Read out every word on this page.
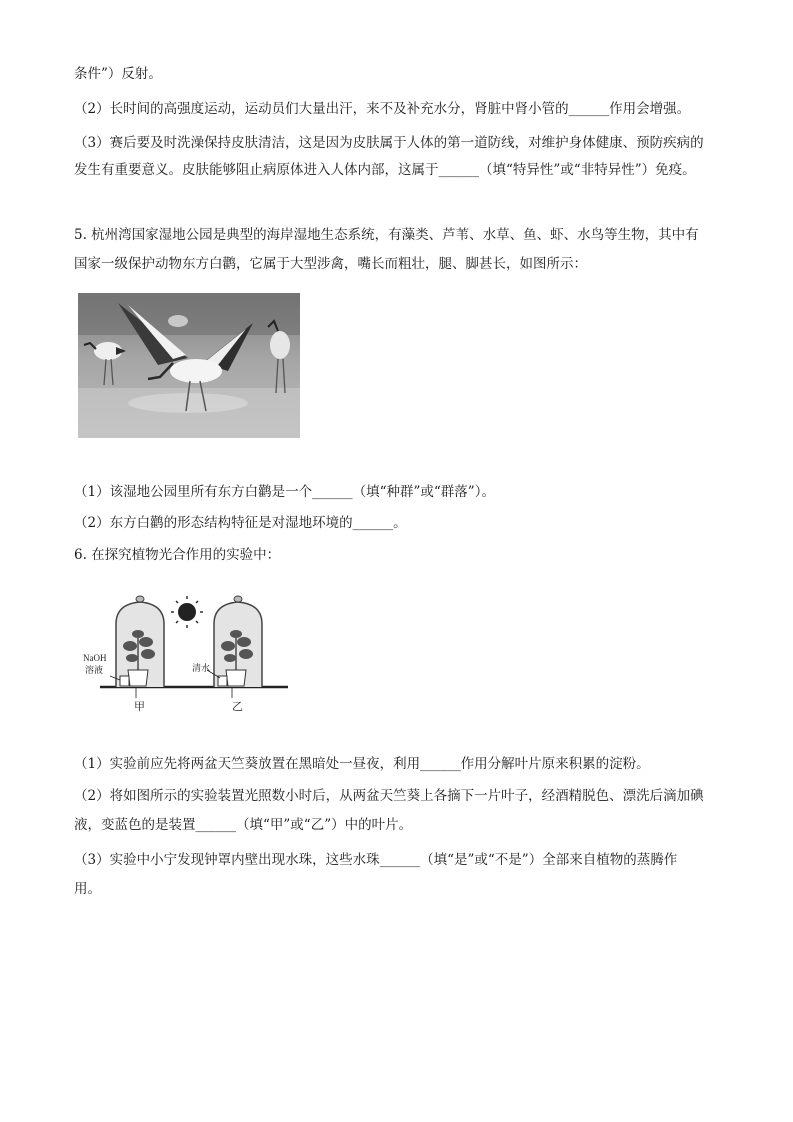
条件”）反射。
（2）长时间的高强度运动，运动员们大量出汗，来不及补充水分，肾脏中肾小管的______作用会增强。
（3）赛后要及时洗澡保持皮肤清洁，这是因为皮肤属于人体的第一道防线，对维护身体健康、预防疾病的
发生有重要意义。皮肤能够阻止病原体进入人体内部，这属于______（填“特异性”或“非特异性”）免疫。
5. 杭州湾国家湿地公园是典型的海岸湿地生态系统，有藻类、芦苇、水草、鱼、虾、水鸟等生物，其中有
国家一级保护动物东方白鹳，它属于大型涉禽，嘴长而粗壮，腿、脚甚长，如图所示：
（1）该湿地公园里所有东方白鹳是一个______（填“种群”或“群落”）。
（2）东方白鹳的形态结构特征是对湿地环境的______。
6. 在探究植物光合作用的实验中：
NaOH
溶液	清水
甲	乙
（1）实验前应先将两盆天竺葵放置在黑暗处一昼夜，利用______作用分解叶片原来积累的淀粉。
（2）将如图所示的实验装置光照数小时后，从两盆天竺葵上各摘下一片叶子，经酒精脱色、漂洗后滴加碘
液，变蓝色的是装置______（填“甲”或“乙”）中的叶片。
（3）实验中小宁发现钟罩内壁出现水珠，这些水珠______（填“是”或“不是”）全部来自植物的蒸腾作
用。
